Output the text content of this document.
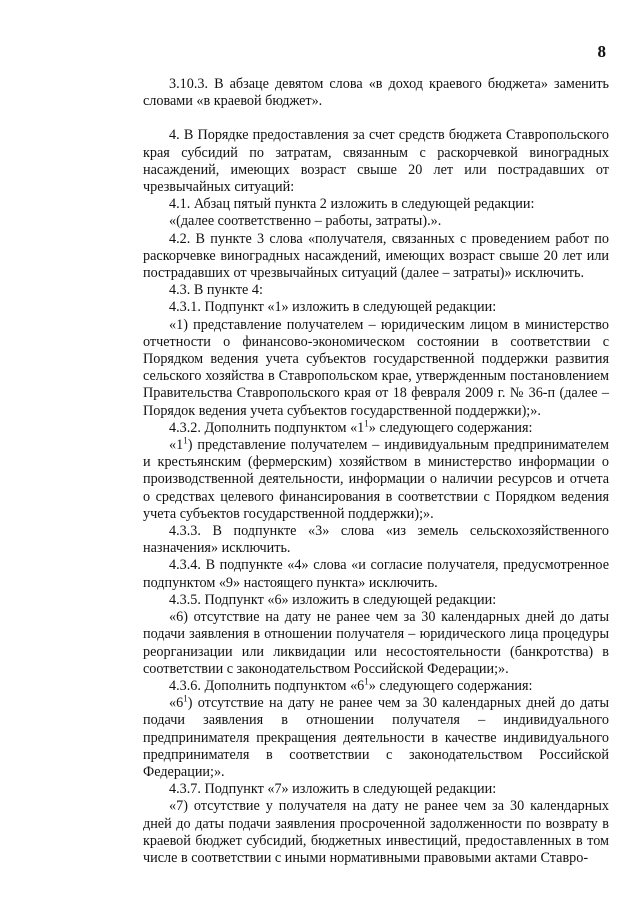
8

3.10.3. В абзаце девятом слова «в доход краевого бюджета» заменить словами «в краевой бюджет».

4. В Порядке предоставления за счет средств бюджета Ставропольского края субсидий по затратам, связанным с раскорчевкой виноградных насаждений, имеющих возраст свыше 20 лет или пострадавших от чрезвычайных ситуаций:

4.1. Абзац пятый пункта 2 изложить в следующей редакции:

«(далее соответственно – работы, затраты).».

4.2. В пункте 3 слова «получателя, связанных с проведением работ по раскорчевке виноградных насаждений, имеющих возраст свыше 20 лет или пострадавших от чрезвычайных ситуаций (далее – затраты)» исключить.

4.3. В пункте 4:

4.3.1. Подпункт «1» изложить в следующей редакции:

«1) представление получателем – юридическим лицом в министерство отчетности о финансово-экономическом состоянии в соответствии с Порядком ведения учета субъектов государственной поддержки развития сельского хозяйства в Ставропольском крае, утвержденным постановлением Правительства Ставропольского края от 18 февраля 2009 г. № 36-п (далее – Порядок ведения учета субъектов государственной поддержки);».

4.3.2. Дополнить подпунктом «$1^1$» следующего содержания:

«$1^1$) представление получателем – индивидуальным предпринимателем и крестьянским (фермерским) хозяйством в министерство информации о производственной деятельности, информации о наличии ресурсов и отчета о средствах целевого финансирования в соответствии с Порядком ведения учета субъектов государственной поддержки);».

4.3.3. В подпункте «3» слова «из земель сельскохозяйственного назначения» исключить.

4.3.4. В подпункте «4» слова «и согласие получателя, предусмотренное подпунктом «9» настоящего пункта» исключить.

4.3.5. Подпункт «6» изложить в следующей редакции:

«6) отсутствие на дату не ранее чем за 30 календарных дней до даты подачи заявления в отношении получателя – юридического лица процедуры реорганизации или ликвидации или несостоятельности (банкротства) в соответствии с законодательством Российской Федерации;».

4.3.6. Дополнить подпунктом «$6^1$» следующего содержания:

«$6^1$) отсутствие на дату не ранее чем за 30 календарных дней до даты подачи заявления в отношении получателя – индивидуального предпринимателя прекращения деятельности в качестве индивидуального предпринимателя в соответствии с законодательством Российской Федерации;».

4.3.7. Подпункт «7» изложить в следующей редакции:

«7) отсутствие у получателя на дату не ранее чем за 30 календарных дней до даты подачи заявления просроченной задолженности по возврату в краевой бюджет субсидий, бюджетных инвестиций, предоставленных в том числе в соответствии с иными нормативными правовыми актами Ставро-
